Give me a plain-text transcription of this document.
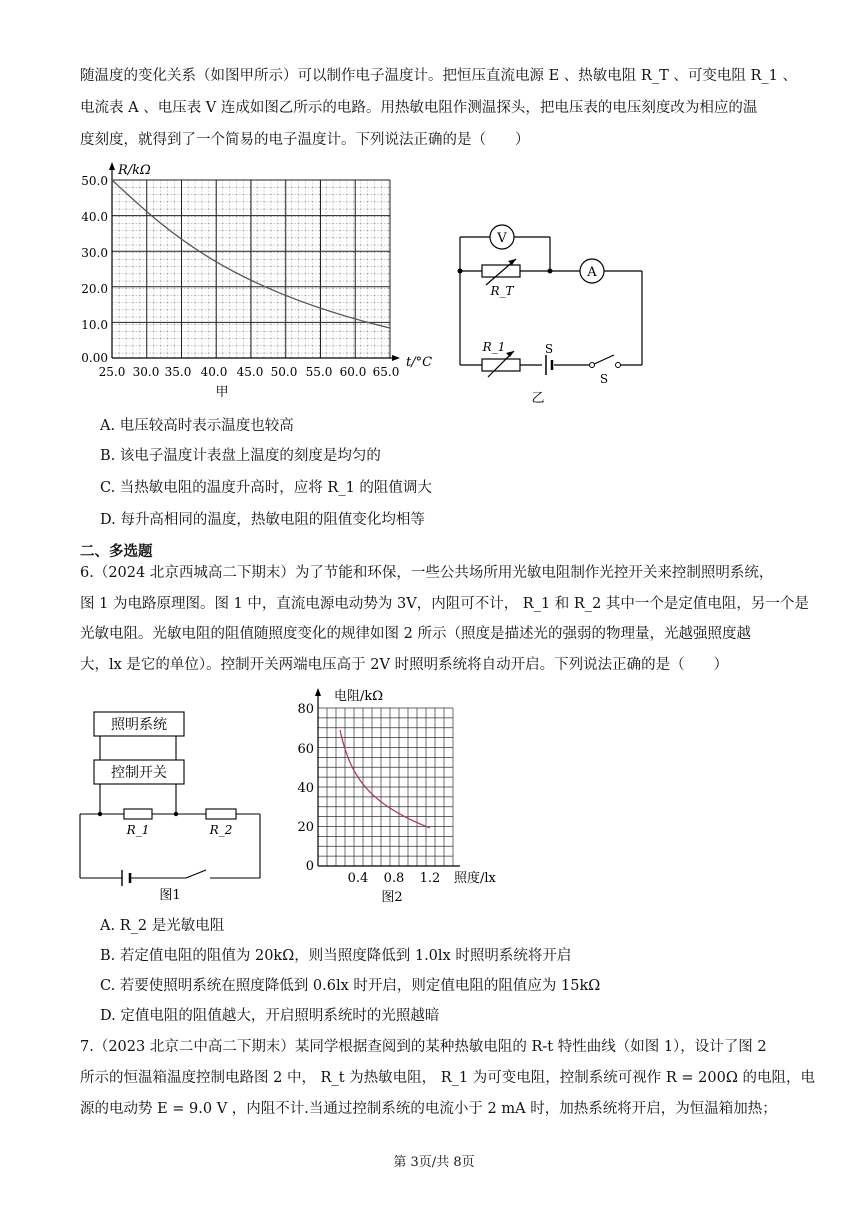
随温度的变化关系（如图甲所示）可以制作电子温度计。把恒压直流电源 E 、热敏电阻 R_T 、可变电阻 R_1 、
电流表 A 、电压表 V 连成如图乙所示的电路。用热敏电阻作测温探头，把电压表的电压刻度改为相应的温
度刻度，就得到了一个简易的电子温度计。下列说法正确的是（　　）
R/kΩ
t/°C
0.00
10.0
20.0
30.0
40.0
50.0
25.0 30.0 35.0 40.0 45.0 50.0 55.0 60.0 65.0
甲
V
A
R_T
R_1	S
S
乙
A. 电压较高时表示温度也较高
B. 该电子温度计表盘上温度的刻度是均匀的
C. 当热敏电阻的温度升高时，应将 R_1 的阻值调大
D. 每升高相同的温度，热敏电阻的阻值变化均相等
二、多选题
6.（2024 北京西城高二下期末）为了节能和环保，一些公共场所用光敏电阻制作光控开关来控制照明系统，
图 1 为电路原理图。图 1 中，直流电源电动势为 3V，内阻可不计， R_1 和 R_2 其中一个是定值电阻，另一个是
光敏电阻。光敏电阻的阻值随照度变化的规律如图 2 所示（照度是描述光的强弱的物理量，光越强照度越
大，lx 是它的单位）。控制开关两端电压高于 2V 时照明系统将自动开启。下列说法正确的是（　　）
照明系统
控制开关
R_1	R_2
图1
电阻/kΩ
照度/lx
0
20
40
60
80
0.4 0.8 1.2
图2
A. R_2 是光敏电阻
B. 若定值电阻的阻值为 20kΩ，则当照度降低到 1.0lx 时照明系统将开启
C. 若要使照明系统在照度降低到 0.6lx 时开启，则定值电阻的阻值应为 15kΩ
D. 定值电阻的阻值越大，开启照明系统时的光照越暗
7.（2023 北京二中高二下期末）某同学根据查阅到的某种热敏电阻的 R-t 特性曲线（如图 1），设计了图 2
所示的恒温箱温度控制电路图 2 中， R_t 为热敏电阻， R_1 为可变电阻，控制系统可视作 R = 200Ω 的电阻，电
源的电动势 E = 9.0 V ，内阻不计.当通过控制系统的电流小于 2 mA 时，加热系统将开启，为恒温箱加热；
第 3页/共 8页
